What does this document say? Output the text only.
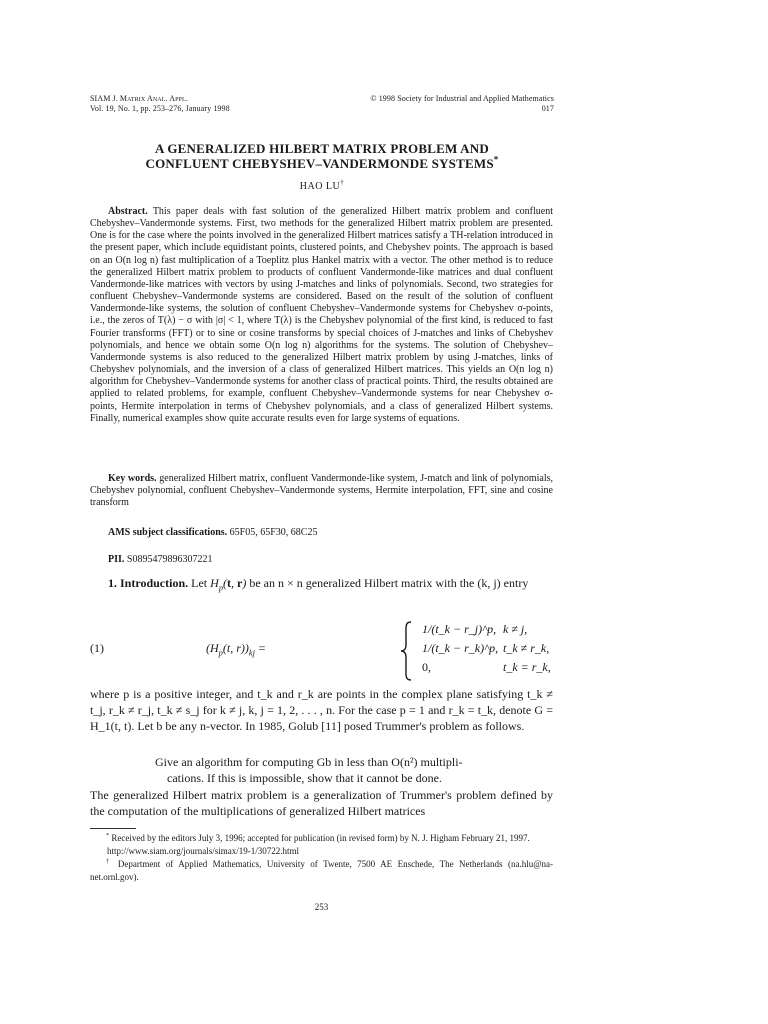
SIAM J. Matrix Anal. Appl.
Vol. 19, No. 1, pp. 253–276, January 1998
© 1998 Society for Industrial and Applied Mathematics
017
A GENERALIZED HILBERT MATRIX PROBLEM AND
CONFLUENT CHEBYSHEV–VANDERMONDE SYSTEMS*
HAO LU†
Abstract. This paper deals with fast solution of the generalized Hilbert matrix problem and confluent Chebyshev–Vandermonde systems. First, two methods for the generalized Hilbert matrix problem are presented. One is for the case where the points involved in the generalized Hilbert matrices satisfy a TH-relation introduced in the present paper, which include equidistant points, clustered points, and Chebyshev points. The approach is based on an O(n log n) fast multiplication of a Toeplitz plus Hankel matrix with a vector. The other method is to reduce the generalized Hilbert matrix problem to products of confluent Vandermonde-like matrices and dual confluent Vandermonde-like matrices with vectors by using J-matches and links of polynomials. Second, two strategies for confluent Chebyshev–Vandermonde systems are considered. Based on the result of the solution of confluent Vandermonde-like systems, the solution of confluent Chebyshev–Vandermonde systems for Chebyshev σ-points, i.e., the zeros of T(λ) − σ with |σ| < 1, where T(λ) is the Chebyshev polynomial of the first kind, is reduced to fast Fourier transforms (FFT) or to sine or cosine transforms by special choices of J-matches and links of Chebyshev polynomials, and hence we obtain some O(n log n) algorithms for the systems. The solution of Chebyshev–Vandermonde systems is also reduced to the generalized Hilbert matrix problem by using J-matches, links of Chebyshev polynomials, and the inversion of a class of generalized Hilbert matrices. This yields an O(n log n) algorithm for Chebyshev–Vandermonde systems for another class of practical points. Third, the results obtained are applied to related problems, for example, confluent Chebyshev–Vandermonde systems for near Chebyshev σ-points, Hermite interpolation in terms of Chebyshev polynomials, and a class of generalized Hilbert systems. Finally, numerical examples show quite accurate results even for large systems of equations.
Key words. generalized Hilbert matrix, confluent Vandermonde-like system, J-match and link of polynomials, Chebyshev polynomial, confluent Chebyshev–Vandermonde systems, Hermite interpolation, FFT, sine and cosine transform
AMS subject classifications. 65F05, 65F30, 68C25
PII. S0895479896307221
1. Introduction. Let $H_p(t$, r) be an n × n generalized Hilbert matrix with the (k, j) entry
(1)	($H_p(t$, $r))_{kj}$ =
1/(t_k − r_j)^p, k ≠ j,
1/(t_k − r_k)^p, t_k ≠ r_k,
0,	t_k = r_k,
where p is a positive integer, and t_k and r_k are points in the complex plane satisfying t_k ≠ t_j, r_k ≠ r_j, t_k ≠ s_j for k ≠ j, k, j = 1, 2, . . . , n. For the case p = 1 and r_k = t_k, denote G = H_1(t, t). Let b be any n-vector. In 1985, Golub [11] posed Trummer's problem as follows.
Give an algorithm for computing Gb in less than O(n²) multipli-
cations. If this is impossible, show that it cannot be done.
The generalized Hilbert matrix problem is a generalization of Trummer's problem defined by the computation of the multiplications of generalized Hilbert matrices

* Received by the editors July 3, 1996; accepted for publication (in revised form) by N. J. Higham February 21, 1997.

http://www.siam.org/journals/simax/19-1/30722.html

† Department of Applied Mathematics, University of Twente, 7500 AE Enschede, The Netherlands (na.hlu@na-net.ornl.gov).

253
